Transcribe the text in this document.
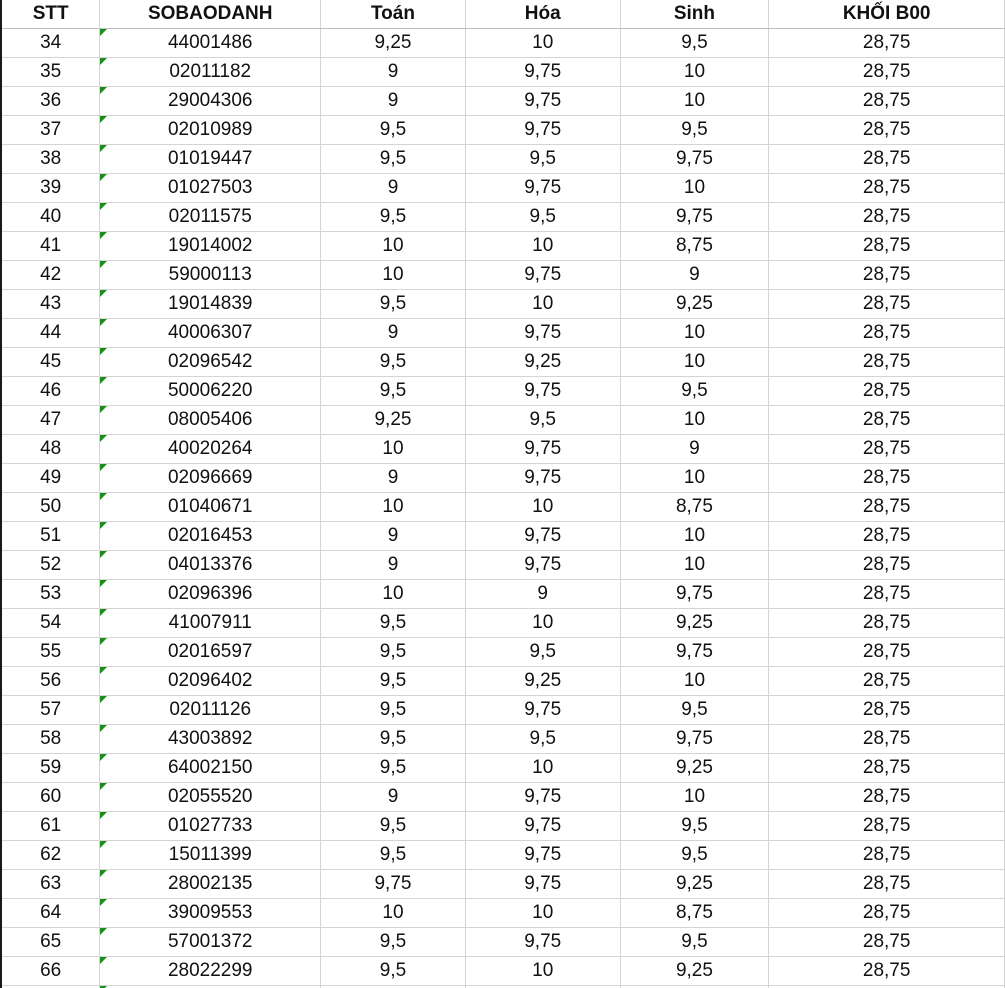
STT	SOBAODANH	Toán	Hóa	Sinh	KHỐI B00
34	44001486	9,25	10	9,5	28,75
35	02011182	9	9,75	10	28,75
36	29004306	9	9,75	10	28,75
37	02010989	9,5	9,75	9,5	28,75
38	01019447	9,5	9,5	9,75	28,75
39	01027503	9	9,75	10	28,75
40	02011575	9,5	9,5	9,75	28,75
41	19014002	10	10	8,75	28,75
42	59000113	10	9,75	9	28,75
43	19014839	9,5	10	9,25	28,75
44	40006307	9	9,75	10	28,75
45	02096542	9,5	9,25	10	28,75
46	50006220	9,5	9,75	9,5	28,75
47	08005406	9,25	9,5	10	28,75
48	40020264	10	9,75	9	28,75
49	02096669	9	9,75	10	28,75
50	01040671	10	10	8,75	28,75
51	02016453	9	9,75	10	28,75
52	04013376	9	9,75	10	28,75
53	02096396	10	9	9,75	28,75
54	41007911	9,5	10	9,25	28,75
55	02016597	9,5	9,5	9,75	28,75
56	02096402	9,5	9,25	10	28,75
57	02011126	9,5	9,75	9,5	28,75
58	43003892	9,5	9,5	9,75	28,75
59	64002150	9,5	10	9,25	28,75
60	02055520	9	9,75	10	28,75
61	01027733	9,5	9,75	9,5	28,75
62	15011399	9,5	9,75	9,5	28,75
63	28002135	9,75	9,75	9,25	28,75
64	39009553	10	10	8,75	28,75
65	57001372	9,5	9,75	9,5	28,75
66	28022299	9,5	10	9,25	28,75
